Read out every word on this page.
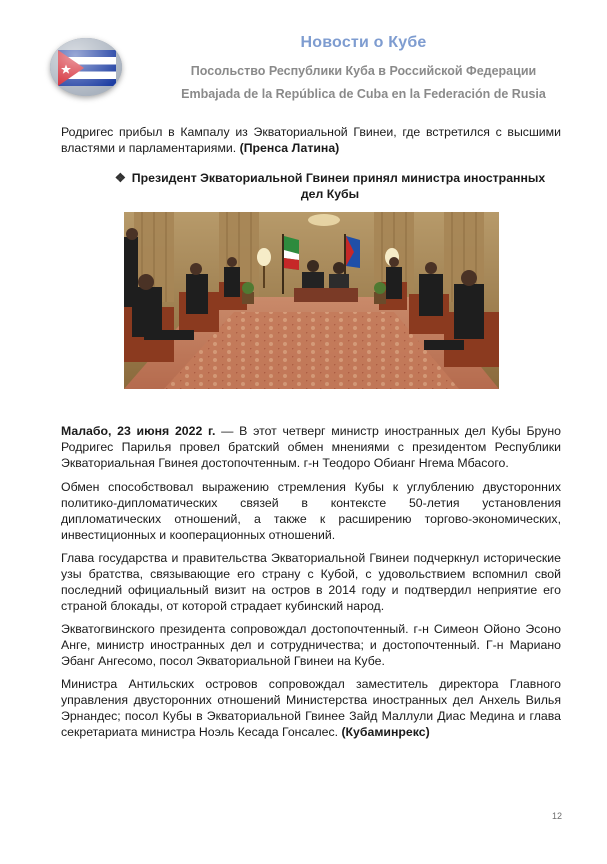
Новости о Кубе
Посольство Республики Куба в Российской Федерации
Embajada de la República de Cuba en la Federación de Rusia
Родригес прибыл в Кампалу из Экваториальной Гвинеи, где встретился с высшими властями и парламентариями. (Пренса Латина)
❖ Президент Экваториальной Гвинеи принял министра иностранных дел Кубы
Малабо, 23 июня 2022 г. — В этот четверг министр иностранных дел Кубы Бруно Родригес Парилья провел братский обмен мнениями с президентом Республики Экваториальная Гвинея достопочтенным. г-н Теодоро Обианг Нгема Мбасого.
Обмен способствовал выражению стремления Кубы к углублению двусторонних политико-дипломатических связей в контексте 50-летия установления дипломатических отношений, а также к расширению торгово-экономических, инвестиционных и кооперационных отношений.
Глава государства и правительства Экваториальной Гвинеи подчеркнул исторические узы братства, связывающие его страну с Кубой, с удовольствием вспомнил свой последний официальный визит на остров в 2014 году и подтвердил неприятие его страной блокады, от которой страдает кубинский народ.
Экватогвинского президента сопровождал достопочтенный. г-н Симеон Ойоно Эсоно Анге, министр иностранных дел и сотрудничества; и достопочтенный. Г-н Мариано Эбанг Ангесомо, посол Экваториальной Гвинеи на Кубе.
Министра Антильских островов сопровождал заместитель директора Главного управления двусторонних отношений Министерства иностранных дел Анхель Вилья Эрнандес; посол Кубы в Экваториальной Гвинее Зайд Маллули Диас Медина и глава секретариата министра Ноэль Кесада Гонсалес. (Кубаминрекс)
12
